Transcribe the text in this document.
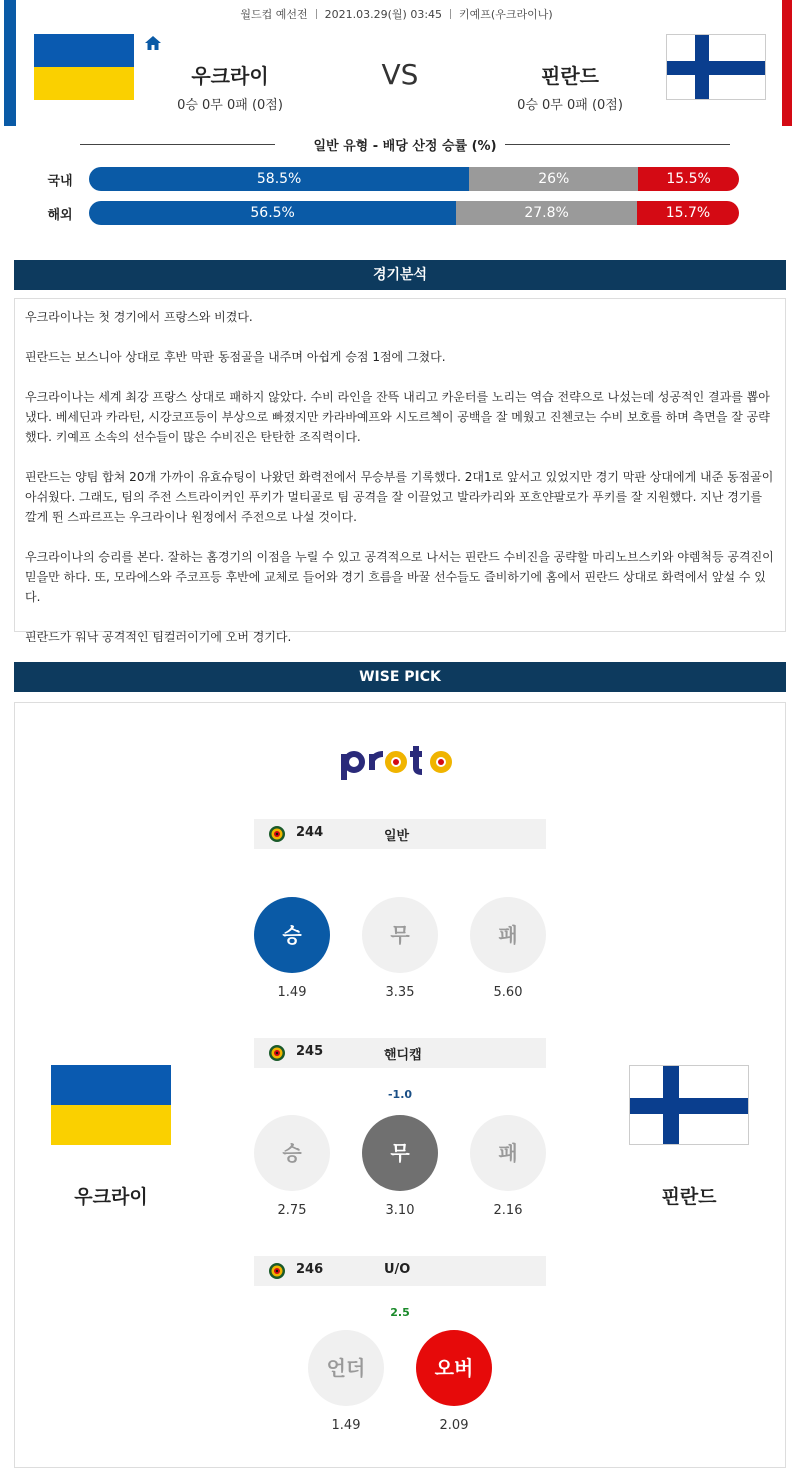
월드컵 예선전 2021.03.29(월) 03:45 키예프(우크라이나)
우크라이
0승 0무 0패 (0점)
VS	핀란드
0승 0무 0패 (0점)
일반 유형 - 배당 산정 승률 (%)
국내	58.5%	26%	15.5%
해외	56.5%	27.8%	15.7%
경기분석

우크라이나는 첫 경기에서 프랑스와 비겼다.

핀란드는 보스니아 상대로 후반 막판 동점골을 내주며 아쉽게 승점 1점에 그쳤다.

우크라이나는 세계 최강 프랑스 상대로 패하지 않았다. 수비 라인을 잔뜩 내리고 카운터를 노리는 역습 전략으로 나섰는데 성공적인 결과를 뽑아냈다. 베세딘과 카라틴, 시강코프등이 부상으로 빠졌지만 카라바예프와 시도르첵이 공백을 잘 메웠고 진첸코는 수비 보호를 하며 측면을 잘 공략했다. 키예프 소속의 선수들이 많은 수비진은 탄탄한 조직력이다.

핀란드는 양팀 합쳐 20개 가까이 유효슈팅이 나왔던 화력전에서 무승부를 기록했다. 2대1로 앞서고 있었지만 경기 막판 상대에게 내준 동점골이 아쉬웠다. 그래도, 팀의 주전 스트라이커인 푸키가 멀티골로 팀 공격을 잘 이끌었고 발라카리와 포흐얀팔로가 푸키를 잘 지원했다. 지난 경기를 깔게 뛴 스파르프는 우크라이나 원정에서 주전으로 나설 것이다.

우크라이나의 승리를 본다. 잘하는 홈경기의 이점을 누릴 수 있고 공격적으로 나서는 핀란드 수비진을 공략할 마리노브스키와 야렘척등 공격진이 믿을만 하다. 또, 모라에스와 주코프등 후반에 교체로 들어와 경기 흐름을 바꿀 선수들도 즐비하기에 홈에서 핀란드 상대로 화력에서 앞설 수 있다.

핀란드가 워낙 공격적인 팀컬러이기에 오버 경기다.

WISE PICK
244	일반
승	무	패
1.49	3.35	5.60
245	핸디캡
-1.0
승	무	패
2.75	3.10	2.16
246	U/O
2.5
언더	오버
1.49	2.09
우크라이	핀란드
